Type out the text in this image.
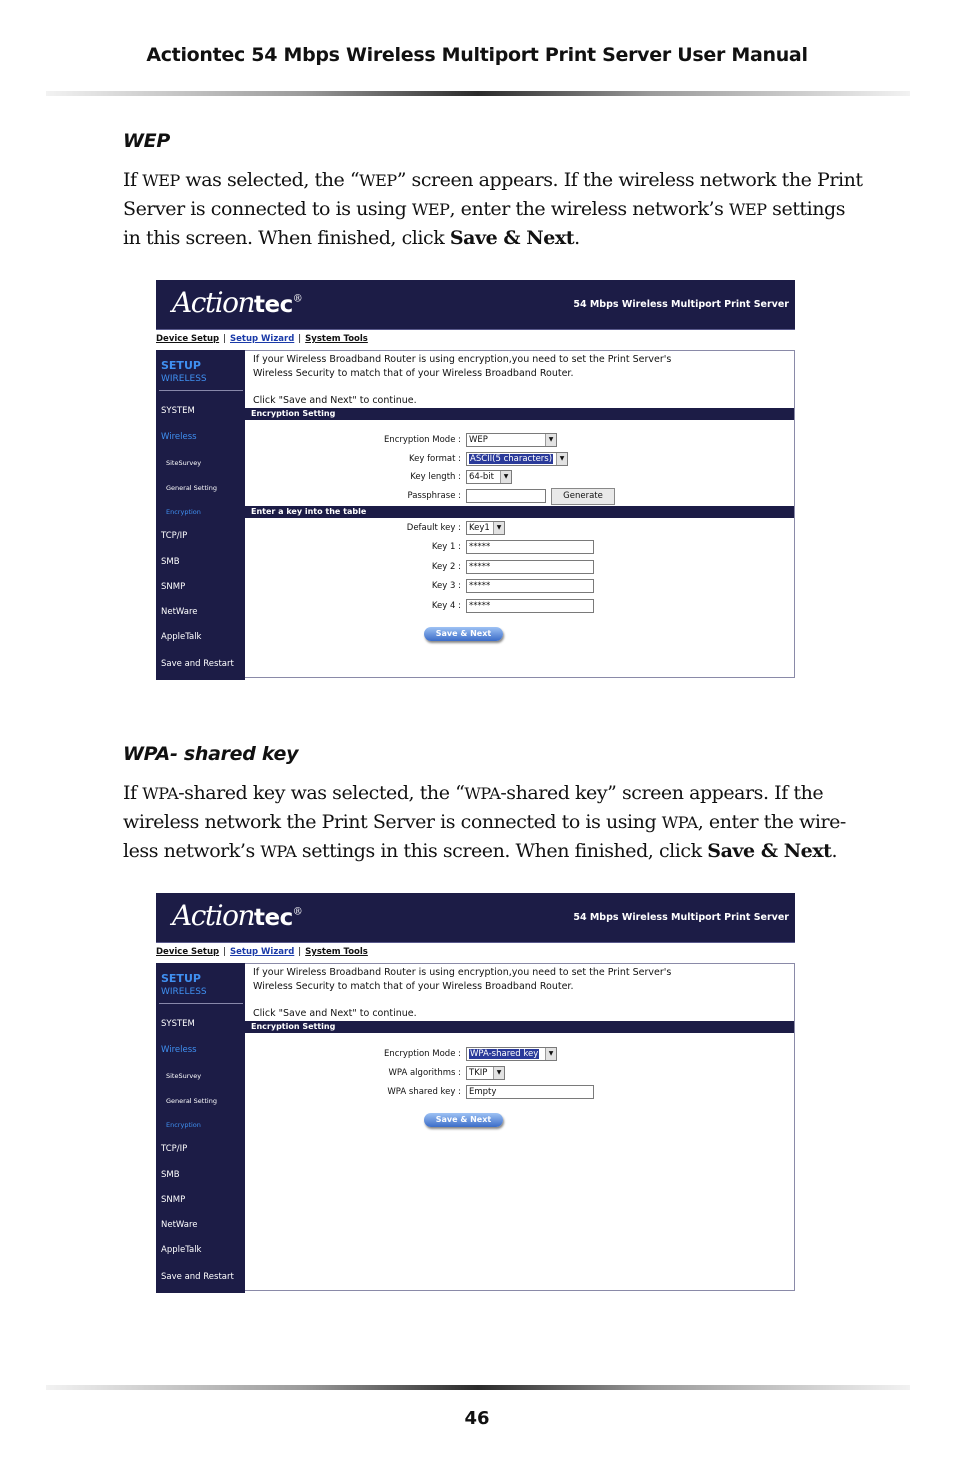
Actiontec 54 Mbps Wireless Multiport Print Server User Manual
WEP
If WEP was selected, the “WEP” screen appears. If the wireless network the Print Server is connected to is using WEP, enter the wireless network’s WEP settings in this screen. When finished, click Save & Next.
Actiontec®	54 Mbps Wireless Multiport Print Server
Device Setup | Setup Wizard | System Tools
SETUP
WIRELESS
SYSTEM
Wireless
SiteSurvey
General Setting
Encryption
TCP/IP
SMB
SNMP
NetWare
AppleTalk
Save and Restart
If your Wireless Broadband Router is using encryption,you need to set the Print Server's
Wireless Security to match that of your Wireless Broadband Router.
Click "Save and Next" to continue.
Encryption Setting
Encryption Mode : WEP	▼
Key format :	ASCII(5 characters)	▼
Key length : 64-bit	▼
Passphrase :	Generate
Enter a key into the table
Default key : Key1	▼
Key 1 : *****
Key 2 : *****
Key 3 : *****
Key 4 : *****
Save & Next
WPA- shared key
If WPA-shared key was selected, the “WPA-shared key” screen appears. If the wireless network the Print Server is connected to is using WPA, enter the wire-less network’s WPA settings in this screen. When finished, click Save & Next.
Actiontec®	54 Mbps Wireless Multiport Print Server
Device Setup | Setup Wizard | System Tools
SETUP
WIRELESS
SYSTEM
Wireless
SiteSurvey
General Setting
Encryption
TCP/IP
SMB
SNMP
NetWare
AppleTalk
Save and Restart
If your Wireless Broadband Router is using encryption,you need to set the Print Server's
Wireless Security to match that of your Wireless Broadband Router.
Click "Save and Next" to continue.
Encryption Setting
Encryption Mode :	WPA-shared key	▼
WPA algorithms : TKIP	▼
WPA shared key : Empty
Save & Next
46
